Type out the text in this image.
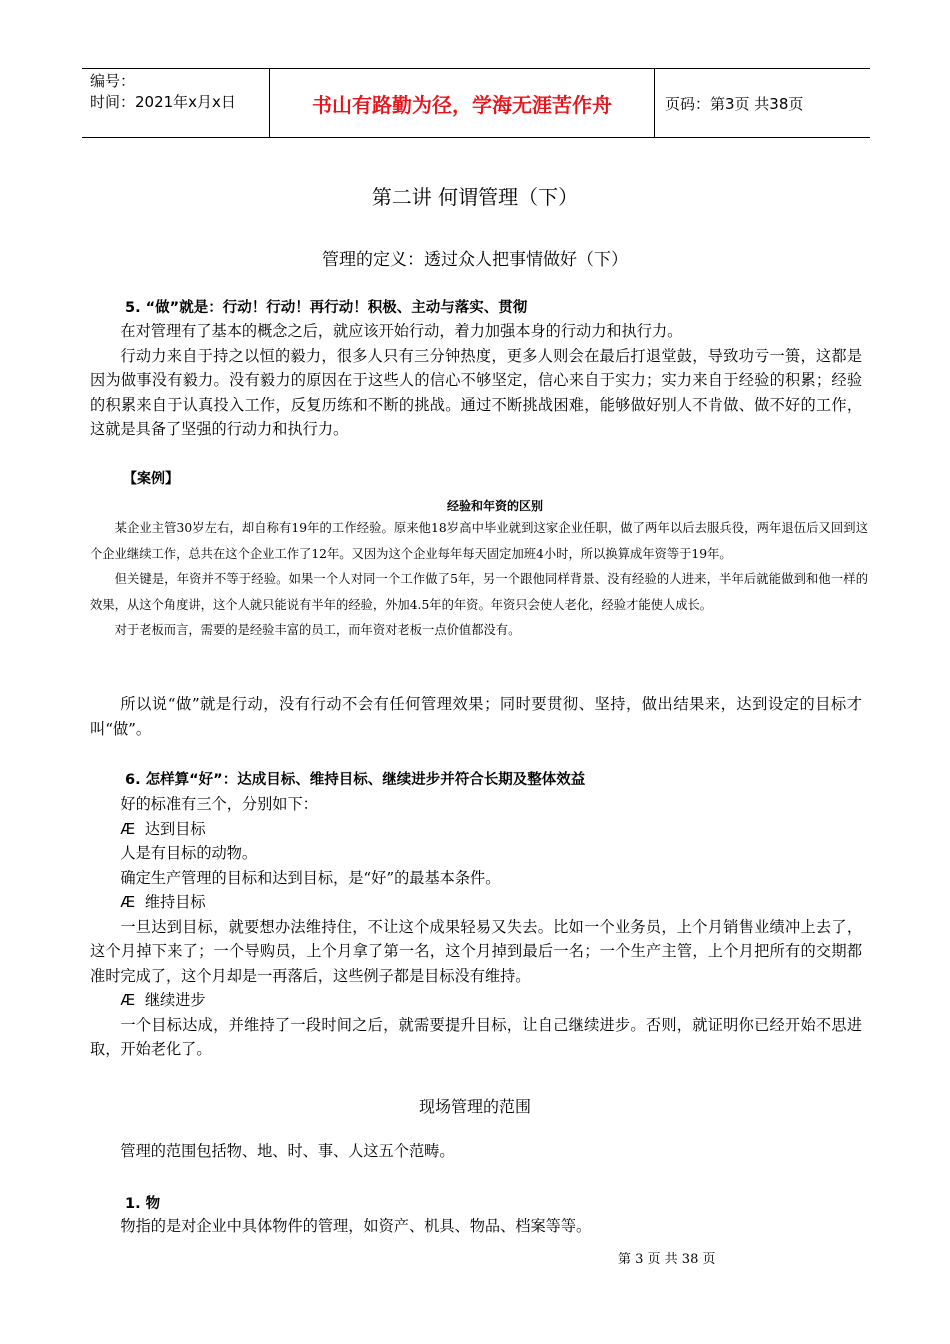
编号：
时间：2021年x月x日	书山有路勤为径，学海无涯苦作舟	页码：第3页 共38页
第二讲 何谓管理（下）
管理的定义：透过众人把事情做好（下）
5. “做”就是：行动！行动！再行动！积极、主动与落实、贯彻
在对管理有了基本的概念之后，就应该开始行动，着力加强本身的行动力和执行力。
行动力来自于持之以恒的毅力，很多人只有三分钟热度，更多人则会在最后打退堂鼓，导致功亏一篑，这都是因为做事没有毅力。没有毅力的原因在于这些人的信心不够坚定，信心来自于实力；实力来自于经验的积累；经验的积累来自于认真投入工作，反复历练和不断的挑战。通过不断挑战困难，能够做好别人不肯做、做不好的工作，这就是具备了坚强的行动力和执行力。
【案例】
经验和年资的区别
某企业主管30岁左右，却自称有19年的工作经验。原来他18岁高中毕业就到这家企业任职，做了两年以后去服兵役，两年退伍后又回到这个企业继续工作，总共在这个企业工作了12年。又因为这个企业每年每天固定加班4小时，所以换算成年资等于19年。
但关键是，年资并不等于经验。如果一个人对同一个工作做了5年，另一个跟他同样背景、没有经验的人进来，半年后就能做到和他一样的效果，从这个角度讲，这个人就只能说有半年的经验，外加4.5年的年资。年资只会使人老化，经验才能使人成长。
对于老板而言，需要的是经验丰富的员工，而年资对老板一点价值都没有。
所以说“做”就是行动，没有行动不会有任何管理效果；同时要贯彻、坚持，做出结果来，达到设定的目标才叫“做”。
6. 怎样算“好”：达成目标、维持目标、继续进步并符合长期及整体效益
好的标准有三个，分别如下：
Æ 达到目标
人是有目标的动物。
确定生产管理的目标和达到目标，是“好”的最基本条件。
Æ 维持目标
一旦达到目标，就要想办法维持住，不让这个成果轻易又失去。比如一个业务员，上个月销售业绩冲上去了，这个月掉下来了；一个导购员，上个月拿了第一名，这个月掉到最后一名；一个生产主管，上个月把所有的交期都准时完成了，这个月却是一再落后，这些例子都是目标没有维持。
Æ 继续进步
一个目标达成，并维持了一段时间之后，就需要提升目标，让自己继续进步。否则，就证明你已经开始不思进取，开始老化了。
现场管理的范围
管理的范围包括物、地、时、事、人这五个范畴。
1. 物
物指的是对企业中具体物件的管理，如资产、机具、物品、档案等等。
第 3 页 共 38 页
